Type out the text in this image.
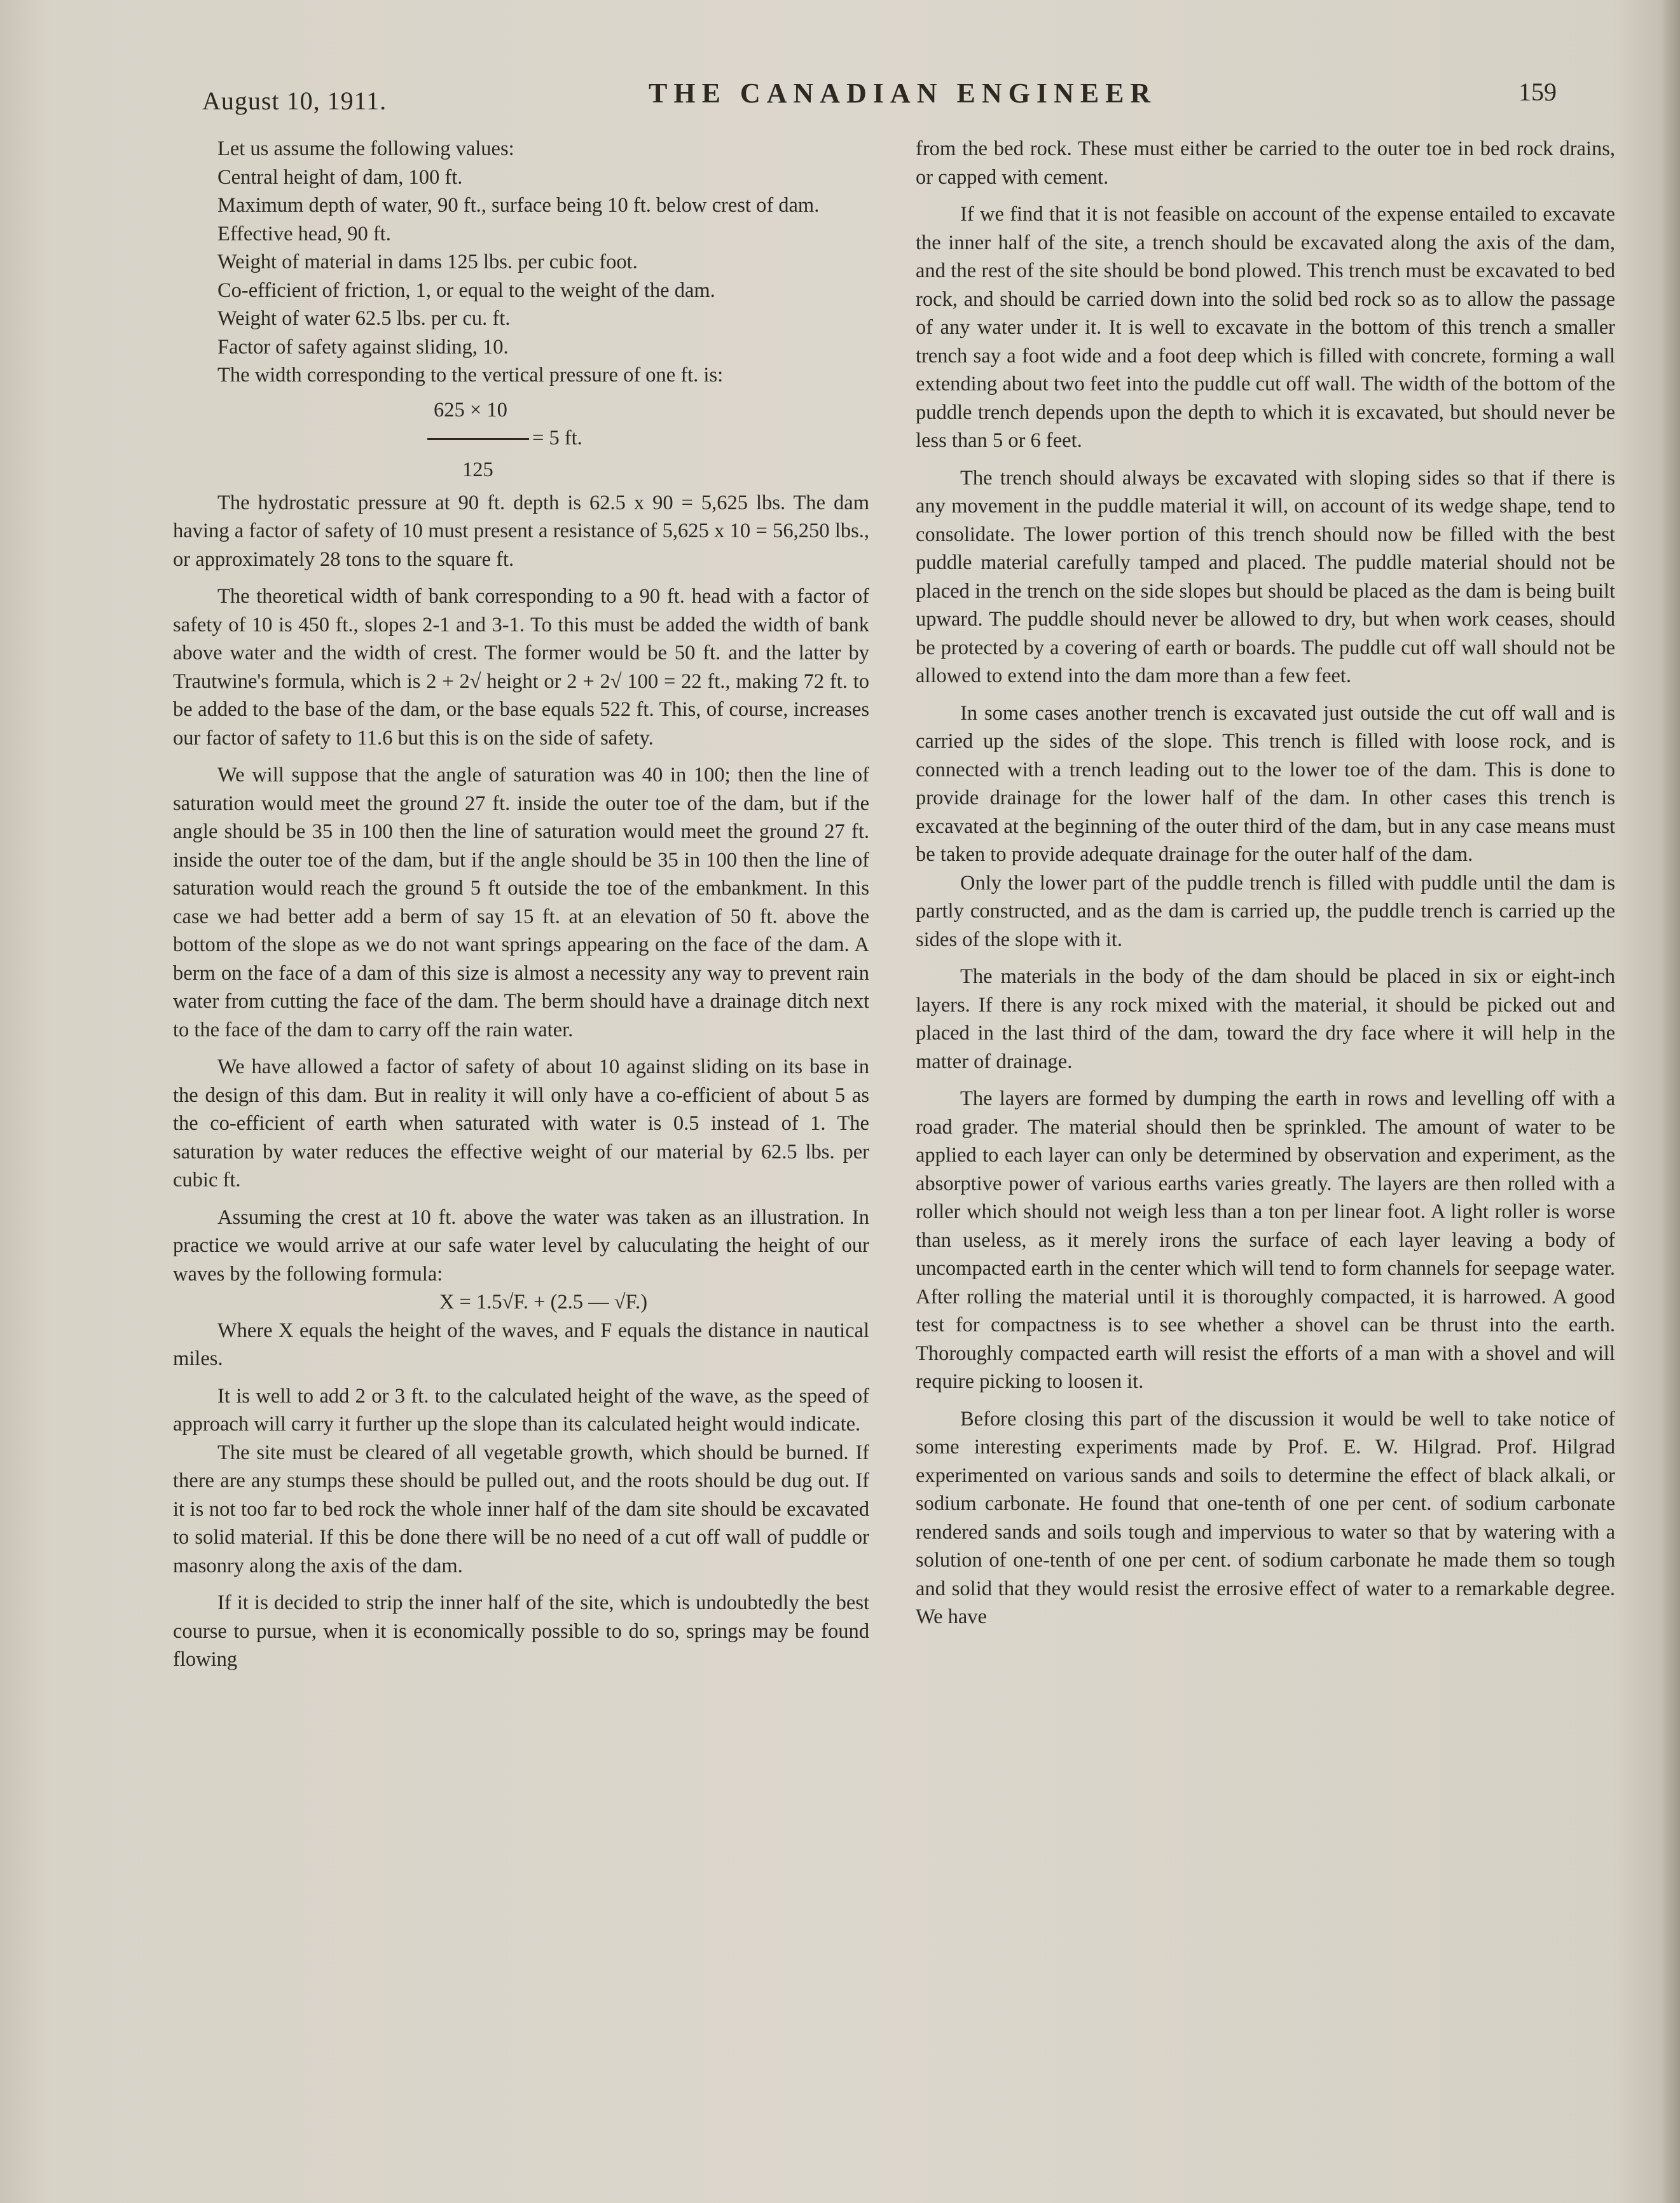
August 10, 1911.	THE CANADIAN ENGINEER	159

Let us assume the following values:

Central height of dam, 100 ft.

Maximum depth of water, 90 ft., surface being 10 ft. below crest of dam.

Effective head, 90 ft.

Weight of material in dams 125 lbs. per cubic foot.

Co-efficient of friction, 1, or equal to the weight of the dam.

Weight of water 62.5 lbs. per cu. ft.

Factor of safety against sliding, 10.

The width corresponding to the vertical pressure of one ft. is:

625 × 10
= 5 ft.
125

The hydrostatic pressure at 90 ft. depth is 62.5 x 90 = 5,625 lbs. The dam having a factor of safety of 10 must present a resistance of 5,625 x 10 = 56,250 lbs., or approximately 28 tons to the square ft.

The theoretical width of bank corresponding to a 90 ft. head with a factor of safety of 10 is 450 ft., slopes 2-1 and 3-1. To this must be added the width of bank above water and the width of crest. The former would be 50 ft. and the latter by Trautwine's formula, which is 2 + 2√ height or 2 + 2√ 100 = 22 ft., making 72 ft. to be added to the base of the dam, or the base equals 522 ft. This, of course, increases our factor of safety to 11.6 but this is on the side of safety.

We will suppose that the angle of saturation was 40 in 100; then the line of saturation would meet the ground 27 ft. inside the outer toe of the dam, but if the angle should be 35 in 100 then the line of saturation would meet the ground 27 ft. inside the outer toe of the dam, but if the angle should be 35 in 100 then the line of saturation would reach the ground 5 ft outside the toe of the embankment. In this case we had better add a berm of say 15 ft. at an elevation of 50 ft. above the bottom of the slope as we do not want springs appearing on the face of the dam. A berm on the face of a dam of this size is almost a necessity any way to prevent rain water from cutting the face of the dam. The berm should have a drainage ditch next to the face of the dam to carry off the rain water.

We have allowed a factor of safety of about 10 against sliding on its base in the design of this dam. But in reality it will only have a co-efficient of about 5 as the co-efficient of earth when saturated with water is 0.5 instead of 1. The saturation by water reduces the effective weight of our material by 62.5 lbs. per cubic ft.

Assuming the crest at 10 ft. above the water was taken as an illustration. In practice we would arrive at our safe water level by caluculating the height of our waves by the following formula:

X = 1.5√F. + (2.5 — √F.)

Where X equals the height of the waves, and F equals the distance in nautical miles.

It is well to add 2 or 3 ft. to the calculated height of the wave, as the speed of approach will carry it further up the slope than its calculated height would indicate.

The site must be cleared of all vegetable growth, which should be burned. If there are any stumps these should be pulled out, and the roots should be dug out. If it is not too far to bed rock the whole inner half of the dam site should be excavated to solid material. If this be done there will be no need of a cut off wall of puddle or masonry along the axis of the dam.

If it is decided to strip the inner half of the site, which is undoubtedly the best course to pursue, when it is economically possible to do so, springs may be found flowing

from the bed rock. These must either be carried to the outer toe in bed rock drains, or capped with cement.

If we find that it is not feasible on account of the expense entailed to excavate the inner half of the site, a trench should be excavated along the axis of the dam, and the rest of the site should be bond plowed. This trench must be excavated to bed rock, and should be carried down into the solid bed rock so as to allow the passage of any water under it. It is well to excavate in the bottom of this trench a smaller trench say a foot wide and a foot deep which is filled with concrete, forming a wall extending about two feet into the puddle cut off wall. The width of the bottom of the puddle trench depends upon the depth to which it is excavated, but should never be less than 5 or 6 feet.

The trench should always be excavated with sloping sides so that if there is any movement in the puddle material it will, on account of its wedge shape, tend to consolidate. The lower portion of this trench should now be filled with the best puddle material carefully tamped and placed. The puddle material should not be placed in the trench on the side slopes but should be placed as the dam is being built upward. The puddle should never be allowed to dry, but when work ceases, should be protected by a covering of earth or boards. The puddle cut off wall should not be allowed to extend into the dam more than a few feet.

In some cases another trench is excavated just outside the cut off wall and is carried up the sides of the slope. This trench is filled with loose rock, and is connected with a trench leading out to the lower toe of the dam. This is done to provide drainage for the lower half of the dam. In other cases this trench is excavated at the beginning of the outer third of the dam, but in any case means must be taken to provide adequate drainage for the outer half of the dam.

Only the lower part of the puddle trench is filled with puddle until the dam is partly constructed, and as the dam is carried up, the puddle trench is carried up the sides of the slope with it.

The materials in the body of the dam should be placed in six or eight-inch layers. If there is any rock mixed with the material, it should be picked out and placed in the last third of the dam, toward the dry face where it will help in the matter of drainage.

The layers are formed by dumping the earth in rows and levelling off with a road grader. The material should then be sprinkled. The amount of water to be applied to each layer can only be determined by observation and experiment, as the absorptive power of various earths varies greatly. The layers are then rolled with a roller which should not weigh less than a ton per linear foot. A light roller is worse than useless, as it merely irons the surface of each layer leaving a body of uncompacted earth in the center which will tend to form channels for seepage water. After rolling the material until it is thoroughly compacted, it is harrowed. A good test for compactness is to see whether a shovel can be thrust into the earth. Thoroughly compacted earth will resist the efforts of a man with a shovel and will require picking to loosen it.

Before closing this part of the discussion it would be well to take notice of some interesting experiments made by Prof. E. W. Hilgrad. Prof. Hilgrad experimented on various sands and soils to determine the effect of black alkali, or sodium carbonate. He found that one-tenth of one per cent. of sodium carbonate rendered sands and soils tough and impervious to water so that by watering with a solution of one-tenth of one per cent. of sodium carbonate he made them so tough and solid that they would resist the errosive effect of water to a remarkable degree. We have
